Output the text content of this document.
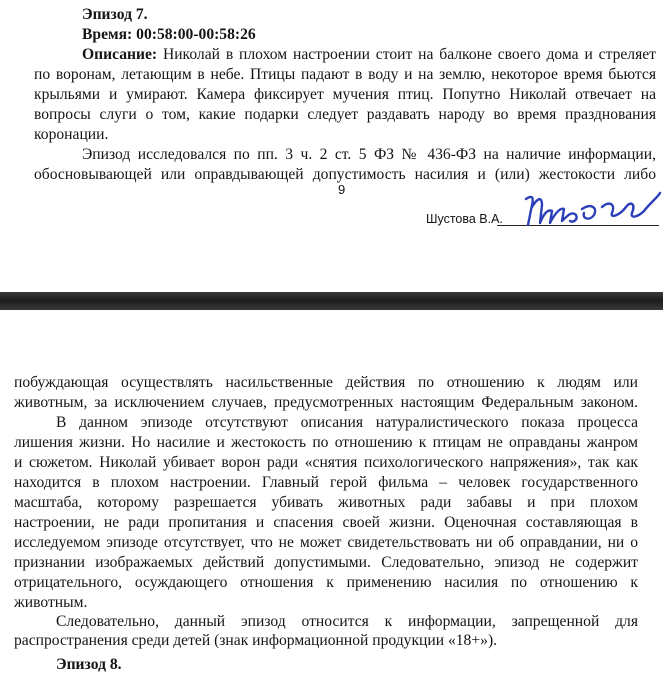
Эпизод 7.
Время: 00:58:00-00:58:26
Описание: Николай в плохом настроении стоит на балконе своего дома и стреляет
по воронам, летающим в небе. Птицы падают в воду и на землю, некоторое время бьются
крыльями и умирают. Камера фиксирует мучения птиц. Попутно Николай отвечает на
вопросы слуги о том, какие подарки следует раздавать народу во время празднования
коронации.
Эпизод исследовался по пп. 3 ч. 2 ст. 5 ФЗ № 436-ФЗ на наличие информации,
обосновывающей или оправдывающей допустимость насилия и (или) жестокости либо
9
Шустова В.А.
побуждающая осуществлять насильственные действия по отношению к людям или
животным, за исключением случаев, предусмотренных настоящим Федеральным законом.
В данном эпизоде отсутствуют описания натуралистического показа процесса
лишения жизни. Но насилие и жестокость по отношению к птицам не оправданы жанром
и сюжетом. Николай убивает ворон ради «снятия психологического напряжения», так как
находится в плохом настроении. Главный герой фильма – человек государственного
масштаба, которому разрешается убивать животных ради забавы и при плохом
настроении, не ради пропитания и спасения своей жизни. Оценочная составляющая в
исследуемом эпизоде отсутствует, что не может свидетельствовать ни об оправдании, ни о
признании изображаемых действий допустимыми. Следовательно, эпизод не содержит
отрицательного, осуждающего отношения к применению насилия по отношению к
животным.
Следовательно, данный эпизод относится к информации, запрещенной для
распространения среди детей (знак информационной продукции «18+»).
Эпизод 8.
